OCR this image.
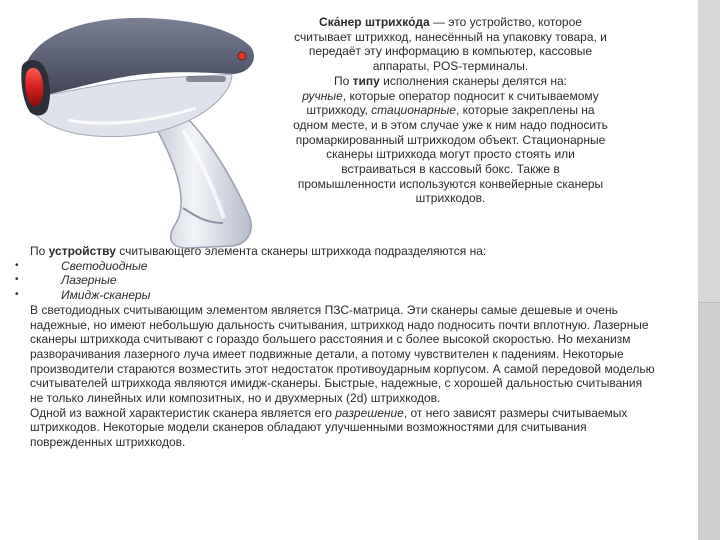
Ска́нер штрихко́да — это устройство, которое считывает штрихкод, нанесённый на упаковку товара, и передаёт эту информацию в компьютер, кассовые аппараты, POS-терминалы.

По типу исполнения сканеры делятся на:

ручные, которые оператор подносит к считываемому штрихкоду, стационарные, которые закреплены на одном месте, и в этом случае уже к ним надо подносить промаркированный штрихкодом объект. Стационарные сканеры штрихкода могут просто стоять или встраиваться в кассовый бокс. Также в промышленности используются конвейерные сканеры штрихкодов.

По устройству считывающего элемента сканеры штрихкода подразделяются на:

•	Светодиодные
•	Лазерные
•	Имидж-сканеры

В светодиодных считывающим элементом является ПЗС-матрица. Эти сканеры самые дешевые и очень надежные, но имеют небольшую дальность считывания, штрихкод надо подносить почти вплотную. Лазерные сканеры штрихкода считывают с гораздо большего расстояния и с более высокой скоростью. Но механизм разворачивания лазерного луча имеет подвижные детали, а потому чувствителен к падениям. Некоторые производители стараются возместить этот недостаток противоударным корпусом. А самой передовой моделью считывателей штрихкода являются имидж-сканеры. Быстрые, надежные, с хорошей дальностью считывания не только линейных или композитных, но и двухмерных (2d) штрихкодов.

Одной из важной характеристик сканера является его разрешение, от него зависят размеры считываемых штрихкодов. Некоторые модели сканеров обладают улучшенными возможностями для считывания поврежденных штрихкодов.
